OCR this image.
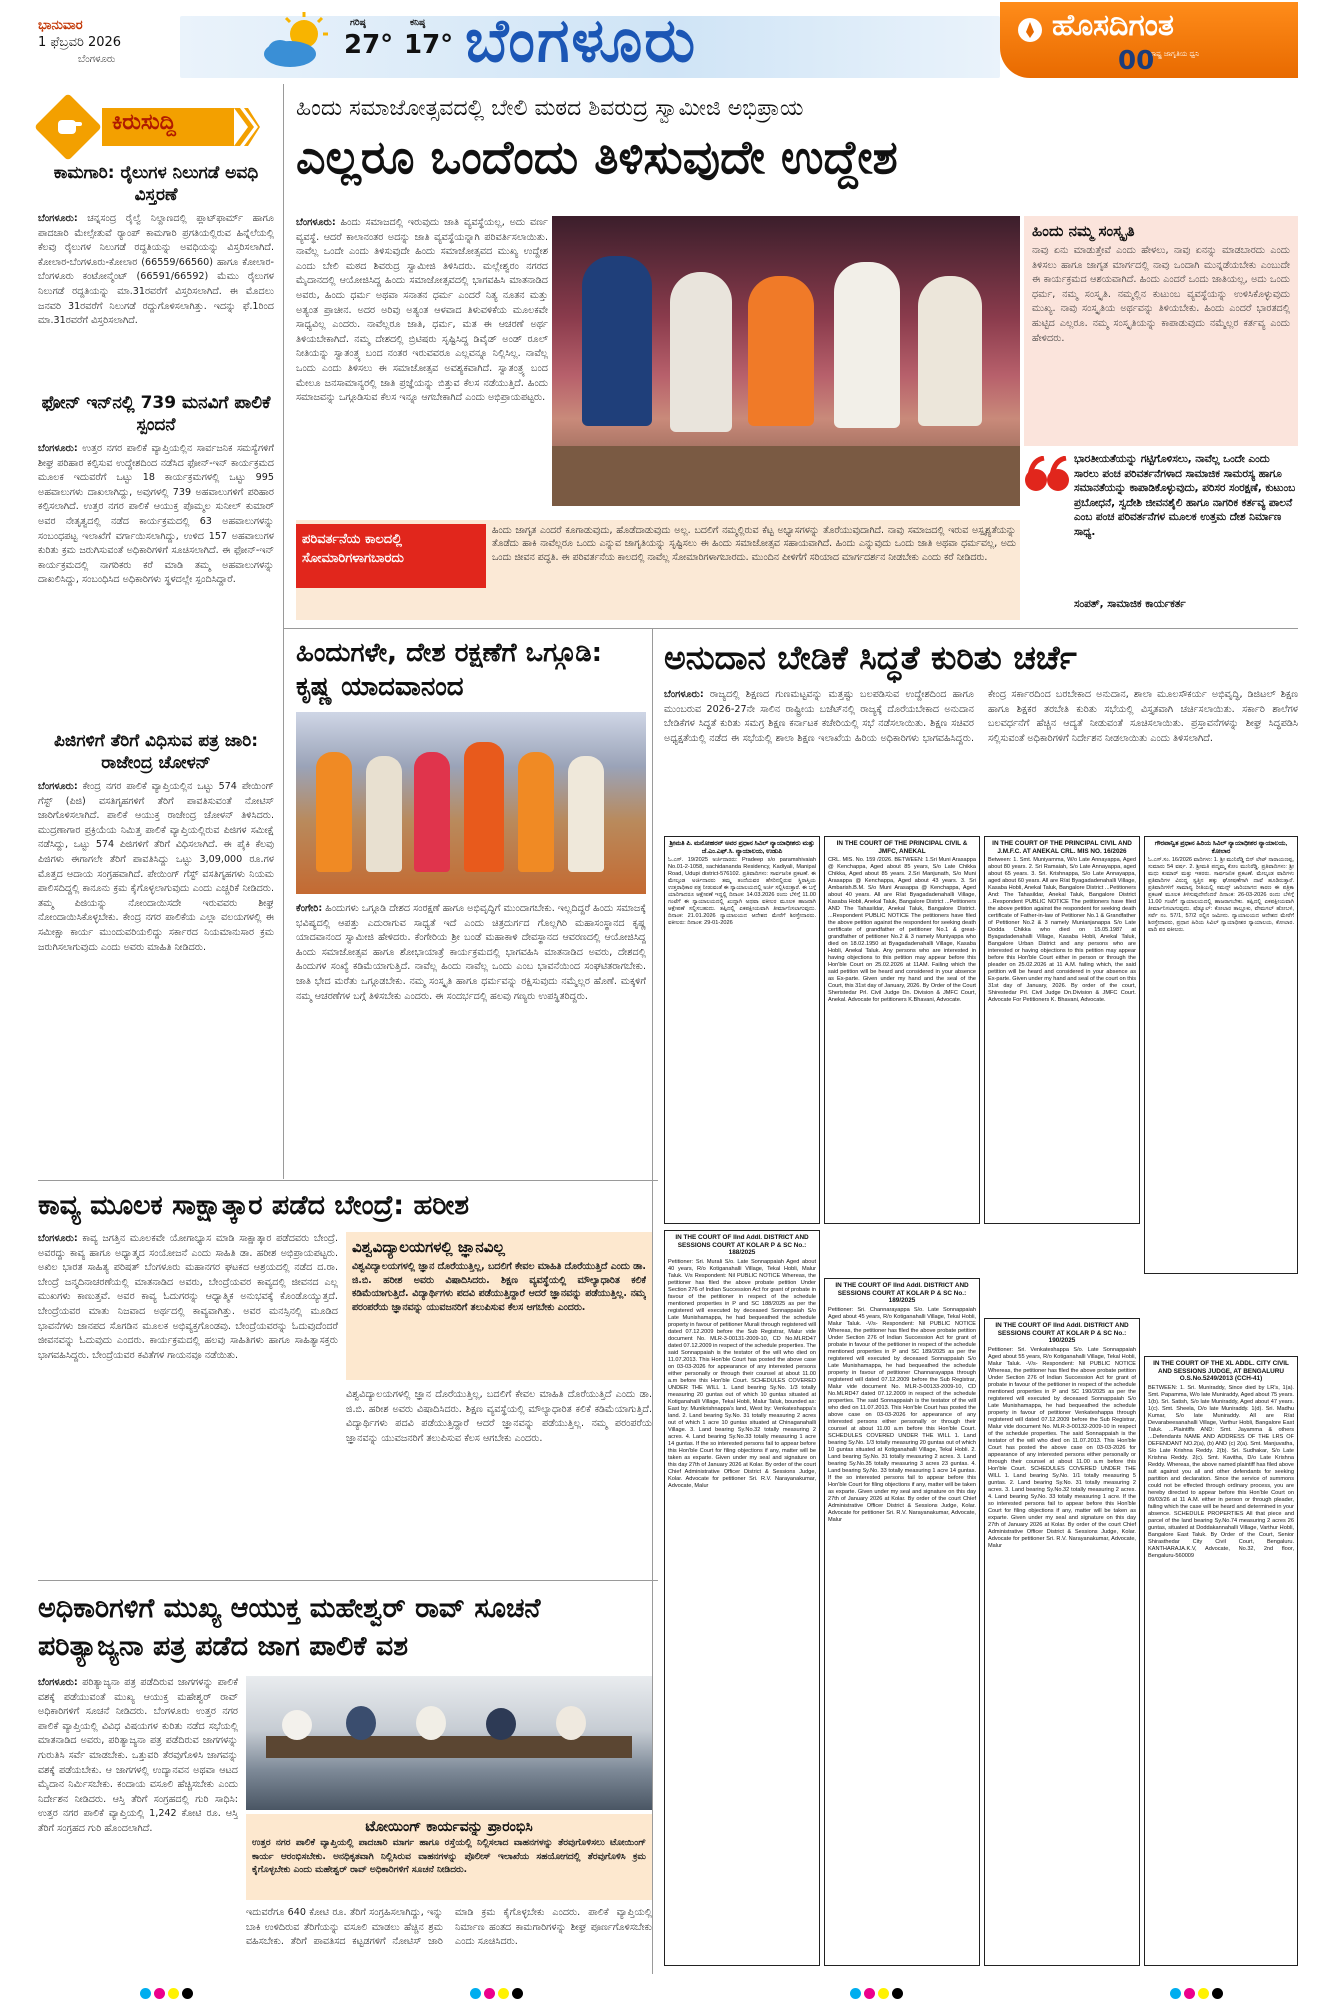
ಭಾನುವಾರ
1 ಫೆಬ್ರವರಿ 2026
ಬೆಂಗಳೂರು
ಗರಿಷ್ಠ
27°
ಕನಿಷ್ಠ
17° ಬೆಂಗಳೂರು	ಹೊಸದಿಗಂತ
ರಾಷ್ಟ್ರ ಜಾಗೃತಿಯ ಧ್ವನಿ
00
ಕಿರುಸುದ್ದಿ
ಕಾಮಗಾರಿ: ರೈಲುಗಳ ನಿಲುಗಡೆ ಅವಧಿ ವಿಸ್ತರಣೆ
ಬೆಂಗಳೂರು: ಚನ್ನಸಂದ್ರ ರೈಲ್ವೆ ನಿಲ್ದಾಣದಲ್ಲಿ ಪ್ಲಾಟ್‌ಫಾರ್ಮ್ ಹಾಗೂ ಪಾದಚಾರಿ ಮೇಲ್ಸೇತುವೆ ರ‍್ಯಾಂಪ್ ಕಾಮಗಾರಿ ಪ್ರಗತಿಯಲ್ಲಿರುವ ಹಿನ್ನೆಲೆಯಲ್ಲಿ ಕೆಲವು ರೈಲುಗಳ ನಿಲುಗಡೆ ರದ್ದತಿಯನ್ನು ಅವಧಿಯನ್ನು ವಿಸ್ತರಿಸಲಾಗಿದೆ. ಕೋಲಾರ-ಬೆಂಗಳೂರು-ಕೋಲಾರ (66559/66560) ಹಾಗೂ ಕೋಲಾರ-ಬೆಂಗಳೂರು ಕಂಟೋನ್ಮೆಂಟ್ (66591/66592) ಮೆಮು ರೈಲುಗಳ ನಿಲುಗಡೆ ರದ್ದತಿಯನ್ನು ಮಾ.31ರವರೆಗೆ ವಿಸ್ತರಿಸಲಾಗಿದೆ. ಈ ಮೊದಲು ಜನವರಿ 31ರವರೆಗೆ ನಿಲುಗಡೆ ರದ್ದುಗೊಳಿಸಲಾಗಿತ್ತು. ಇದನ್ನು ಫೆ.1ರಿಂದ ಮಾ.31ರವರೆಗೆ ವಿಸ್ತರಿಸಲಾಗಿದೆ.
ಫೋನ್ ಇನ್‌ನಲ್ಲಿ 739 ಮನವಿಗೆ ಪಾಲಿಕೆ ಸ್ಪಂದನೆ
ಬೆಂಗಳೂರು: ಉತ್ತರ ನಗರ ಪಾಲಿಕೆ ವ್ಯಾಪ್ತಿಯಲ್ಲಿನ ಸಾರ್ವಜನಿಕ ಸಮಸ್ಯೆಗಳಿಗೆ ಶೀಘ್ರ ಪರಿಹಾರ ಕಲ್ಪಿಸುವ ಉದ್ದೇಶದಿಂದ ನಡೆಸಿದ ಫೋನ್-ಇನ್ ಕಾರ್ಯಕ್ರಮದ ಮೂಲಕ ಇದುವರೆಗೆ ಒಟ್ಟು 18 ಕಾರ್ಯಕ್ರಮಗಳಲ್ಲಿ ಒಟ್ಟು 995 ಅಹವಾಲುಗಳು ದಾಖಲಾಗಿದ್ದು, ಅವುಗಳಲ್ಲಿ 739 ಅಹವಾಲುಗಳಿಗೆ ಪರಿಹಾರ ಕಲ್ಪಿಸಲಾಗಿದೆ. ಉತ್ತರ ನಗರ ಪಾಲಿಕೆ ಆಯುಕ್ತ ಪೊಮ್ಮಲ ಸುನೀಲ್ ಕುಮಾರ್ ಅವರ ನೇತೃತ್ವದಲ್ಲಿ ನಡೆದ ಕಾರ್ಯಕ್ರಮದಲ್ಲಿ 63 ಅಹವಾಲುಗಳನ್ನು ಸಂಬಂಧಪಟ್ಟ ಇಲಾಖೆಗೆ ವರ್ಗಾಯಿಸಲಾಗಿದ್ದು, ಉಳಿದ 157 ಅಹವಾಲುಗಳ ಕುರಿತು ಕ್ರಮ ಜರುಗಿಸುವಂತೆ ಅಧಿಕಾರಿಗಳಿಗೆ ಸೂಚಿಸಲಾಗಿದೆ. ಈ ಫೋನ್-ಇನ್ ಕಾರ್ಯಕ್ರಮದಲ್ಲಿ ನಾಗರಿಕರು ಕರೆ ಮಾಡಿ ತಮ್ಮ ಅಹವಾಲುಗಳನ್ನು ದಾಖಲಿಸಿದ್ದು, ಸಂಬಂಧಿಸಿದ ಅಧಿಕಾರಿಗಳು ಸ್ಥಳದಲ್ಲೇ ಸ್ಪಂದಿಸಿದ್ದಾರೆ.
ಪಿಜಿಗಳಿಗೆ ತೆರಿಗೆ ವಿಧಿಸುವ ಪತ್ರ ಜಾರಿ: ರಾಜೇಂದ್ರ ಚೋಳನ್
ಬೆಂಗಳೂರು: ಕೇಂದ್ರ ನಗರ ಪಾಲಿಕೆ ವ್ಯಾಪ್ತಿಯಲ್ಲಿನ ಒಟ್ಟು 574 ಪೇಯಿಂಗ್ ಗೆಸ್ಟ್ (ಪಿಜಿ) ವಸತಿಗೃಹಗಳಿಗೆ ತೆರಿಗೆ ಪಾವತಿಸುವಂತೆ ನೋಟಿಸ್ ಜಾರಿಗೊಳಿಸಲಾಗಿದೆ. ಪಾಲಿಕೆ ಆಯುಕ್ತ ರಾಜೇಂದ್ರ ಚೋಳನ್ ತಿಳಿಸಿದರು. ಮುದ್ರಣಾಗಾರ ಪ್ರಕ್ರಿಯೆಯ ನಿಮಿತ್ತ ಪಾಲಿಕೆ ವ್ಯಾಪ್ತಿಯಲ್ಲಿರುವ ಪಿಜಿಗಳ ಸಮೀಕ್ಷೆ ನಡೆಸಿದ್ದು, ಒಟ್ಟು 574 ಪಿಜಿಗಳಿಗೆ ತೆರಿಗೆ ವಿಧಿಸಲಾಗಿದೆ. ಈ ಪೈಕಿ ಕೆಲವು ಪಿಜಿಗಳು ಈಗಾಗಲೇ ತೆರಿಗೆ ಪಾವತಿಸಿದ್ದು ಒಟ್ಟು 3,09,000 ರೂ.ಗಳ ಮೊತ್ತದ ಆದಾಯ ಸಂಗ್ರಹವಾಗಿದೆ. ಪೇಯಿಂಗ್ ಗೆಸ್ಟ್ ವಸತಿಗೃಹಗಳು ನಿಯಮ ಪಾಲಿಸದಿದ್ದಲ್ಲಿ ಕಾನೂನು ಕ್ರಮ ಕೈಗೊಳ್ಳಲಾಗುವುದು ಎಂದು ಎಚ್ಚರಿಕೆ ನೀಡಿದರು. ತಮ್ಮ ಪಿಜಿಯನ್ನು ನೋಂದಾಯಿಸದೇ ಇರುವವರು ಶೀಘ್ರ ನೋಂದಾಯಿಸಿಕೊಳ್ಳಬೇಕು. ಕೇಂದ್ರ ನಗರ ಪಾಲಿಕೆಯ ಎಲ್ಲಾ ವಲಯಗಳಲ್ಲಿ ಈ ಸಮೀಕ್ಷಾ ಕಾರ್ಯ ಮುಂದುವರಿಯಲಿದ್ದು ಸರ್ಕಾರದ ನಿಯಮಾನುಸಾರ ಕ್ರಮ ಜರುಗಿಸಲಾಗುವುದು ಎಂದು ಅವರು ಮಾಹಿತಿ ನೀಡಿದರು.
ಹಿಂದು ಸಮಾಜೋತ್ಸವದಲ್ಲಿ ಬೇಲಿ ಮಠದ ಶಿವರುದ್ರ ಸ್ವಾಮೀಜಿ ಅಭಿಪ್ರಾಯ
ಎಲ್ಲರೂ ಒಂದೆಂದು ತಿಳಿಸುವುದೇ ಉದ್ದೇಶ
ಬೆಂಗಳೂರು: ಹಿಂದು ಸಮಾಜದಲ್ಲಿ ಇರುವುದು ಜಾತಿ ವ್ಯವಸ್ಥೆಯಲ್ಲ, ಅದು ವರ್ಣ ವ್ಯವಸ್ಥೆ. ಆದರೆ ಕಾಲಾನಂತರ ಅದನ್ನು ಜಾತಿ ವ್ಯವಸ್ಥೆಯನ್ನಾಗಿ ಪರಿವರ್ತಿಸಲಾಯಿತು. ನಾವೆಲ್ಲ ಒಂದೇ ಎಂದು ತಿಳಿಸುವುದೇ ಹಿಂದು ಸಮಾಜೋತ್ಸವದ ಮುಖ್ಯ ಉದ್ದೇಶ ಎಂದು ಬೇಲಿ ಮಠದ ಶಿವರುದ್ರ ಸ್ವಾಮೀಜಿ ತಿಳಿಸಿದರು. ಮಲ್ಲೇಶ್ವರಂ ನಗರದ ಮೈದಾನದಲ್ಲಿ ಆಯೋಜಿಸಿದ್ದ ಹಿಂದು ಸಮಾಜೋತ್ಸವದಲ್ಲಿ ಭಾಗವಹಿಸಿ ಮಾತನಾಡಿದ ಅವರು, ಹಿಂದು ಧರ್ಮ ಅಥವಾ ಸನಾತನ ಧರ್ಮ ಎಂದರೆ ನಿತ್ಯ ನೂತನ ಮತ್ತು ಅತ್ಯಂತ ಪ್ರಾಚೀನ. ಅದರ ಅರಿವು ಅತ್ಯಂತ ಆಳವಾದ ತಿಳುವಳಿಕೆಯ ಮೂಲಕವೇ ಸಾಧ್ಯವಿಲ್ಲ ಎಂದರು. ನಾವೆಲ್ಲರೂ ಜಾತಿ, ಧರ್ಮ, ಮತ ಈ ಆಚರಣೆ ಅರ್ಥ ತಿಳಿಯಬೇಕಾಗಿದೆ. ನಮ್ಮ ದೇಶದಲ್ಲಿ ಬ್ರಿಟಿಷರು ಸೃಷ್ಟಿಸಿದ್ದ ಡಿವೈಡ್ ಅಂಡ್ ರೂಲ್ ನೀತಿಯನ್ನು ಸ್ವಾತಂತ್ರ್ಯ ಬಂದ ನಂತರ ಇರುವವರೂ ಎಲ್ಲವನ್ನೂ ನಿಲ್ಲಿಸಿಲ್ಲ. ನಾವೆಲ್ಲ ಒಂದು ಎಂದು ತಿಳಿಸಲು ಈ ಸಮಾಜೋತ್ಸವ ಅವಶ್ಯಕವಾಗಿದೆ. ಸ್ವಾತಂತ್ರ್ಯ ಬಂದ ಮೇಲೂ ಜನಸಾಮಾನ್ಯರಲ್ಲಿ ಜಾತಿ ಪ್ರಜ್ಞೆಯನ್ನು ಬಿತ್ತುವ ಕೆಲಸ ನಡೆಯುತ್ತಿದೆ. ಹಿಂದು ಸಮಾಜವನ್ನು ಒಗ್ಗೂಡಿಸುವ ಕೆಲಸ ಇನ್ನೂ ಆಗಬೇಕಾಗಿದೆ ಎಂದು ಅಭಿಪ್ರಾಯಪಟ್ಟರು.
ಹಿಂದು ನಮ್ಮ ಸಂಸ್ಕೃತಿ
ನಾವು ಏನು ಮಾಡುತ್ತೇವೆ ಎಂದು ಹೇಳಲು, ನಾವು ಏನನ್ನು ಮಾಡಬಾರದು ಎಂದು ತಿಳಿಸಲು ಹಾಗೂ ಜಾಗೃತ ಮಾರ್ಗದಲ್ಲಿ ನಾವು ಒಂದಾಗಿ ಮುನ್ನಡೆಯಬೇಕು ಎಂಬುದೇ ಈ ಕಾರ್ಯಕ್ರಮದ ಆಶಯವಾಗಿದೆ. ಹಿಂದು ಎಂದರೆ ಒಂದು ಜಾತಿಯಲ್ಲ, ಅದು ಒಂದು ಧರ್ಮ, ನಮ್ಮ ಸಂಸ್ಕೃತಿ. ನಮ್ಮಲ್ಲಿನ ಕುಟುಂಬ ವ್ಯವಸ್ಥೆಯನ್ನು ಉಳಿಸಿಕೊಳ್ಳುವುದು ಮುಖ್ಯ. ನಾವು ಸಂಸ್ಕೃತಿಯ ಅರ್ಥವನ್ನು ತಿಳಿಯಬೇಕು. ಹಿಂದು ಎಂದರೆ ಭಾರತದಲ್ಲಿ ಹುಟ್ಟಿದ ಎಲ್ಲರೂ. ನಮ್ಮ ಸಂಸ್ಕೃತಿಯನ್ನು ಕಾಪಾಡುವುದು ನಮ್ಮೆಲ್ಲರ ಕರ್ತವ್ಯ ಎಂದು ಹೇಳಿದರು.
ಭಾರತೀಯತೆಯನ್ನು ಗಟ್ಟಿಗೊಳಿಸಲು, ನಾವೆಲ್ಲ ಒಂದೇ ಎಂದು ಸಾರಲು ಪಂಚ ಪರಿವರ್ತನೆಗಳಾದ ಸಾಮಾಜಿಕ ಸಾಮರಸ್ಯ ಹಾಗೂ ಸಮಾನತೆಯನ್ನು ಕಾಪಾಡಿಕೊಳ್ಳುವುದು, ಪರಿಸರ ಸಂರಕ್ಷಣೆ, ಕುಟುಂಬ ಪ್ರಬೋಧನೆ, ಸ್ವದೇಶಿ ಜೀವನಶೈಲಿ ಹಾಗೂ ನಾಗರಿಕ ಕರ್ತವ್ಯ ಪಾಲನೆ ಎಂಬ ಪಂಚ ಪರಿವರ್ತನೆಗಳ ಮೂಲಕ ಉತ್ತಮ ದೇಶ ನಿರ್ಮಾಣ ಸಾಧ್ಯ.
ಸಂಪತ್, ಸಾಮಾಜಿಕ ಕಾರ್ಯಕರ್ತ
ಪರಿವರ್ತನೆಯ ಕಾಲದಲ್ಲಿ ಸೋಮಾರಿಗಳಾಗಬಾರದು
ಹಿಂದು ಜಾಗೃತ ಎಂದರೆ ಕೂಗಾಡುವುದು, ಹೊಡೆದಾಡುವುದು ಅಲ್ಲ. ಬದಲಿಗೆ ನಮ್ಮಲ್ಲಿರುವ ಕೆಟ್ಟ ಅಭ್ಯಾಸಗಳನ್ನು ತೊರೆಯುವುದಾಗಿದೆ. ನಾವು ಸಮಾಜದಲ್ಲಿ ಇರುವ ಅಸ್ಪೃಶ್ಯತೆಯನ್ನು ತೊಡೆದು ಹಾಕಿ ನಾವೆಲ್ಲರೂ ಒಂದು ಎನ್ನುವ ಜಾಗೃತಿಯನ್ನು ಸೃಷ್ಟಿಸಲು ಈ ಹಿಂದು ಸಮಾಜೋತ್ಸವ ಸಹಾಯವಾಗಿದೆ. ಹಿಂದು ಎನ್ನುವುದು ಒಂದು ಜಾತಿ ಅಥವಾ ಧರ್ಮವಲ್ಲ, ಅದು ಒಂದು ಜೀವನ ಪದ್ಧತಿ. ಈ ಪರಿವರ್ತನೆಯ ಕಾಲದಲ್ಲಿ ನಾವೆಲ್ಲ ಸೋಮಾರಿಗಳಾಗಬಾರದು. ಮುಂದಿನ ಪೀಳಿಗೆಗೆ ಸರಿಯಾದ ಮಾರ್ಗದರ್ಶನ ನೀಡಬೇಕು ಎಂದು ಕರೆ ನೀಡಿದರು.
ಹಿಂದುಗಳೇ, ದೇಶ ರಕ್ಷಣೆಗೆ ಒಗ್ಗೂಡಿ: ಕೃಷ್ಣ ಯಾದವಾನಂದ
ಕೆಂಗೇರಿ: ಹಿಂದುಗಳು ಒಗ್ಗೂಡಿ ದೇಶದ ಸಂರಕ್ಷಣೆ ಹಾಗೂ ಅಭಿವೃದ್ಧಿಗೆ ಮುಂದಾಗಬೇಕು. ಇಲ್ಲದಿದ್ದರೆ ಹಿಂದು ಸಮಾಜಕ್ಕೆ ಭವಿಷ್ಯದಲ್ಲಿ ಆಪತ್ತು ಎದುರಾಗುವ ಸಾಧ್ಯತೆ ಇದೆ ಎಂದು ಚಿತ್ರದುರ್ಗದ ಗೊಲ್ಲಗಿರಿ ಮಹಾಸಂಸ್ಥಾನದ ಕೃಷ್ಣ ಯಾದವಾನಂದ ಸ್ವಾಮೀಜಿ ಹೇಳಿದರು. ಕೆಂಗೇರಿಯ ಶ್ರೀ ಬಂಡೆ ಮಹಾಕಾಳಿ ದೇವಸ್ಥಾನದ ಆವರಣದಲ್ಲಿ ಆಯೋಜಿಸಿದ್ದ ಹಿಂದು ಸಮಾಜೋತ್ಸವ ಹಾಗೂ ಶೋಭಾಯಾತ್ರೆ ಕಾರ್ಯಕ್ರಮದಲ್ಲಿ ಭಾಗವಹಿಸಿ ಮಾತನಾಡಿದ ಅವರು, ದೇಶದಲ್ಲಿ ಹಿಂದುಗಳ ಸಂಖ್ಯೆ ಕಡಿಮೆಯಾಗುತ್ತಿದೆ. ನಾವೆಲ್ಲ ಹಿಂದು ನಾವೆಲ್ಲ ಒಂದು ಎಂಬ ಭಾವನೆಯಿಂದ ಸಂಘಟಿತರಾಗಬೇಕು. ಜಾತಿ ಭೇದ ಮರೆತು ಒಗ್ಗೂಡಬೇಕು. ನಮ್ಮ ಸಂಸ್ಕೃತಿ ಹಾಗೂ ಧರ್ಮವನ್ನು ರಕ್ಷಿಸುವುದು ನಮ್ಮೆಲ್ಲರ ಹೊಣೆ. ಮಕ್ಕಳಿಗೆ ನಮ್ಮ ಆಚರಣೆಗಳ ಬಗ್ಗೆ ತಿಳಿಸಬೇಕು ಎಂದರು. ಈ ಸಂದರ್ಭದಲ್ಲಿ ಹಲವು ಗಣ್ಯರು ಉಪಸ್ಥಿತರಿದ್ದರು.
ಅನುದಾನ ಬೇಡಿಕೆ ಸಿದ್ಧತೆ ಕುರಿತು ಚರ್ಚೆ
ಬೆಂಗಳೂರು: ರಾಜ್ಯದಲ್ಲಿ ಶಿಕ್ಷಣದ ಗುಣಮಟ್ಟವನ್ನು ಮತ್ತಷ್ಟು ಬಲಪಡಿಸುವ ಉದ್ದೇಶದಿಂದ ಹಾಗೂ ಮುಂಬರುವ 2026-27ನೇ ಸಾಲಿನ ರಾಷ್ಟ್ರೀಯ ಬಜೆಟ್‌ನಲ್ಲಿ ರಾಜ್ಯಕ್ಕೆ ದೊರೆಯಬೇಕಾದ ಅನುದಾನ ಬೇಡಿಕೆಗಳ ಸಿದ್ಧತೆ ಕುರಿತು ಸಮಗ್ರ ಶಿಕ್ಷಣ ಕರ್ನಾಟಕ ಕಚೇರಿಯಲ್ಲಿ ಸಭೆ ನಡೆಸಲಾಯಿತು. ಶಿಕ್ಷಣ ಸಚಿವರ ಅಧ್ಯಕ್ಷತೆಯಲ್ಲಿ ನಡೆದ ಈ ಸಭೆಯಲ್ಲಿ ಶಾಲಾ ಶಿಕ್ಷಣ ಇಲಾಖೆಯ ಹಿರಿಯ ಅಧಿಕಾರಿಗಳು ಭಾಗವಹಿಸಿದ್ದರು. ಕೇಂದ್ರ ಸರ್ಕಾರದಿಂದ ಬರಬೇಕಾದ ಅನುದಾನ, ಶಾಲಾ ಮೂಲಸೌಕರ್ಯ ಅಭಿವೃದ್ಧಿ, ಡಿಜಿಟಲ್ ಶಿಕ್ಷಣ ಹಾಗೂ ಶಿಕ್ಷಕರ ತರಬೇತಿ ಕುರಿತು ಸಭೆಯಲ್ಲಿ ವಿಸ್ತೃತವಾಗಿ ಚರ್ಚಿಸಲಾಯಿತು. ಸರ್ಕಾರಿ ಶಾಲೆಗಳ ಬಲವರ್ಧನೆಗೆ ಹೆಚ್ಚಿನ ಆದ್ಯತೆ ನೀಡುವಂತೆ ಸೂಚಿಸಲಾಯಿತು. ಪ್ರಸ್ತಾವನೆಗಳನ್ನು ಶೀಘ್ರ ಸಿದ್ಧಪಡಿಸಿ ಸಲ್ಲಿಸುವಂತೆ ಅಧಿಕಾರಿಗಳಿಗೆ ನಿರ್ದೇಶನ ನೀಡಲಾಯಿತು ಎಂದು ತಿಳಿಸಲಾಗಿದೆ.
ಶ್ರೀಮತಿ ಪಿ. ಮನೋಹರನ್ ಅವರ ಪ್ರಧಾನ ಸಿವಿಲ್ ನ್ಯಾಯಾಧೀಶರು ಮತ್ತು ಜೆ.ಎಂ.ಎಫ್.ಸಿ. ನ್ಯಾಯಾಲಯ, ಉಡುಪಿ
ಓ.ಎಸ್. 19/2025 ಅರ್ಜಿದಾರರು: Pradeep s/o paramshivaiah No.01-2-1058, sachidananda Residency, Kadiyali, Manipal Road, Udupi district-576102. ಪ್ರತಿವಾದಿಗಳು: ಸಾರ್ವಜನಿಕ ಪ್ರಕಟಣೆ. ಈ ಮೇಲ್ಕಂಡ ಅರ್ಜಿದಾರರು ತಮ್ಮ ತಂದೆಯವರ ಹೆಸರಿನಲ್ಲಿರುವ ಸ್ಥಿರಾಸ್ತಿಯ ಉತ್ತರಾಧಿಕಾರ ಪತ್ರ ನೀಡುವಂತೆ ಈ ನ್ಯಾಯಾಲಯದಲ್ಲಿ ಅರ್ಜಿ ಸಲ್ಲಿಸಿರುತ್ತಾರೆ. ಈ ಬಗ್ಗೆ ಯಾರಿಗಾದರೂ ಆಕ್ಷೇಪಣೆ ಇದ್ದಲ್ಲಿ ದಿನಾಂಕ: 14.03.2026 ರಂದು ಬೆಳಿಗ್ಗೆ 11.00 ಗಂಟೆಗೆ ಈ ನ್ಯಾಯಾಲಯದಲ್ಲಿ ಖುದ್ದಾಗಿ ಅಥವಾ ವಕೀಲರ ಮೂಲಕ ಹಾಜರಾಗಿ ಆಕ್ಷೇಪಣೆ ಸಲ್ಲಿಸಬಹುದು. ತಪ್ಪಿದಲ್ಲಿ ಏಕಪಕ್ಷೀಯವಾಗಿ ತೀರ್ಮಾನಿಸಲಾಗುವುದು. ದಿನಾಂಕ: 21.01.2026 ನ್ಯಾಯಾಲಯದ ಆದೇಶದ ಮೇರೆಗೆ ಶಿರಸ್ತೇದಾರರು. ವಕೀಲರು: ದಿನಾಂಕ: 29-01-2026
IN THE COURT OF THE PRINCIPAL CIVIL & JMFC, ANEKAL
CRL. MIS. No. 159 /2026. BETWEEN: 1.Sri Muni Arasappa @ Kenchappa, Aged about 85 years, S/o Late Chikka Chikka, Aged about 85 years. 2.Sri Manjunath, S/o Muni Arasappa @ Kenchappa, Aged about 43 years. 3. Sri Ambarish.B.M. S/o Muni Arasappa @ Kenchappa, Aged about 40 years. All are R/at Byagadadenahalli Village, Kasaba Hobli, Anekal Taluk, Bangalore District ...Petitioners AND The Tahasildar, Anekal Taluk, Bangalore District. ...Respondent PUBLIC NOTICE The petitioners have filed the above petition against the respondent for seeking death certificate of grandfather of petitioner No.1 & great-grandfather of petitioner No.2 & 3 namely Muniyappa who died on 18.02.1950 at Byagadadenahalli Village, Kasaba Hobli, Anekal Taluk. Any persons who are interested in having objections to this petition may appear before this Hon'ble Court on 25.02.2026 at 11AM. Failing which the said petition will be heard and considered in your absence as Ex-parte. Given under my hand and the seal of the Court, this 31st day of January, 2026. By Order of the Court Sheristedar Prl. Civil Judge Dn. Division & JMFC Court, Anekal. Advocate for petitioners K.Bhavani, Advocate.
IN THE COURT OF THE PRINCIPAL CIVIL AND J.M.F.C. AT ANEKAL CRL. MIS NO. 16/2026
Between: 1. Smt. Muniyamma, W/o Late Annayappa, Aged about 80 years. 2. Sri Ramaiah, S/o Late Annayappa, aged about 65 years. 3. Sri. Krishnappa, S/o Late Annayappa, aged about 60 years. All are R/at Byagadadenahalli Village, Kasaba Hobli, Anekal Taluk, Bangalore District ...Petitioners And: The Tahasildar, Anekal Taluk, Bangalore District ...Respondent PUBLIC NOTICE The petitioners have filed the above petition against the respondent for seeking death certificate of Father-in-law of Petitioner No.1 & Grandfather of Petitioner No.2 & 3 namely Munianjanappa S/o Late Dodda Chikka who died on 15.05.1987 at Byagadadenahalli Village, Kasaba Hobli, Anekal Taluk, Bangalore Urban District and any persons who are interested or having objections to this petition may appear before this Hon'ble Court either in person or through the pleader on 25.02.2026 at 11 A.M. failing which, the said petition will be heard and considered in your absence as Ex-parte. Given under my hand and seal of the court on this 31st day of January, 2026. By order of the court, Shirestedar Prl. Civil Judge Dn.Division & JMFC Court. Advocate For Petitioners K. Bhavani, Advocate.
ಗೌರವಾನ್ವಿತ ಪ್ರಧಾನ ಹಿರಿಯ ಸಿವಿಲ್ ನ್ಯಾಯಾಧೀಶರ ನ್ಯಾಯಾಲಯ, ಕೋಲಾರ
ಓ.ಎಸ್.ಸಂ. 16/2026 ವಾದಿಗಳು: 1. ಶ್ರೀ ಮುನಿರೆಡ್ಡಿ ಬಿನ್ ಲೇಟ್ ನಾರಾಯಣಪ್ಪ, ಸುಮಾರು 54 ವರ್ಷ. 2. ಶ್ರೀಮತಿ ಪದ್ಮಮ್ಮ ಕೋಂ ಮುನಿರೆಡ್ಡಿ. ಪ್ರತಿವಾದಿಗಳು: ಶ್ರೀ ಮಧು ಕುಮಾರ್ ಮತ್ತು ಇತರರು. ಸಾರ್ವಜನಿಕ ಪ್ರಕಟಣೆ. ಮೇಲ್ಕಂಡ ವಾದಿಗಳು ಪ್ರತಿವಾದಿಗಳ ವಿರುದ್ಧ ಸ್ವತ್ತಿನ ಹಕ್ಕು ಘೋಷಣೆಗಾಗಿ ದಾವೆ ಹೂಡಿರುತ್ತಾರೆ. ಪ್ರತಿವಾದಿಗಳಿಗೆ ಸಾಮಾನ್ಯ ರೀತಿಯಲ್ಲಿ ಸಮನ್ಸ್ ಜಾರಿಯಾಗದ ಕಾರಣ ಈ ಪತ್ರಿಕಾ ಪ್ರಕಟಣೆ ಮೂಲಕ ತಿಳಿಸುವುದೇನೆಂದರೆ ದಿನಾಂಕ: 26-03-2026 ರಂದು ಬೆಳಿಗ್ಗೆ 11.00 ಗಂಟೆಗೆ ನ್ಯಾಯಾಲಯದಲ್ಲಿ ಹಾಜರಾಗಬೇಕು. ತಪ್ಪಿದಲ್ಲಿ ಏಕಪಕ್ಷೀಯವಾಗಿ ತೀರ್ಮಾನಿಸಲಾಗುವುದು. ಷೆಡ್ಯೂಲ್: ಕೋಲಾರ ತಾಲ್ಲೂಕು, ವೇಮಗಲ್ ಹೋಬಳಿ, ಸರ್ವೆ ನಂ. 57/1, 57/2 ರಲ್ಲಿನ ಜಮೀನು. ನ್ಯಾಯಾಲಯದ ಆದೇಶದ ಮೇರೆಗೆ ಶಿರಸ್ತೇದಾರರು, ಪ್ರಧಾನ ಹಿರಿಯ ಸಿವಿಲ್ ನ್ಯಾಯಾಧೀಶರ ನ್ಯಾಯಾಲಯ, ಕೋಲಾರ. ವಾದಿ ಪರ ವಕೀಲರು.
IN THE COURT OF IInd Addl. DISTRICT AND SESSIONS COURT AT KOLAR P & SC No.: 188/2025
Petitioner: Sri. Murali S/o. Late Sonnappaiah Aged about 40 years, R/o Kotiganahalli Village, Tekal Hobli, Malur Taluk. V/s Respondent: Nil PUBLIC NOTICE Whereas, the petitioner has filed the above probate petition Under Section 276 of Indian Succession Act for grant of probate in favour of the petitioner in respect of the schedule mentioned properties in P and SC 188/2025 as per the registered will executed by deceased Sonnappaiah S/o Late Munishamappa, he had bequeathed the schedule property in favour of petitioner Murali through registered will dated 07.12.2009 before the Sub Registrar, Malur vide document No. MLR-3-00131-2009-10, CD No.MLRD47 dated 07.12.2009 in respect of the schedule properties. The said Sonnappaiah is the testator of the will who died on 11.07.2013. This Hon'ble Court has posted the above case on 03-03-2026 for appearance of any interested persons either personally or through their counsel at about 11.00 a.m before this Hon'ble Court. SCHEDULES COVERED UNDER THE WILL 1. Land bearing Sy.No. 1/3 totally measuring 20 guntas out of which 10 guntas situated at Kotiganahalli Village, Tekal Hobli, Malur Taluk, bounded as: East by: Munikrishnappa's land, West by: Venkateshappa's land. 2. Land bearing Sy.No. 31 totally measuring 2 acres out of which 1 acre 10 guntas situated at Chinaganahalli Village. 3. Land bearing Sy.No.32 totally measuring 2 acres. 4. Land bearing Sy.No.33 totally measuring 1 acre 14 guntas. If the so interested persons fail to appear before this Hon'ble Court for filing objections if any, matter will be taken as exparte. Given under my seal and signature on this day 27th of January 2026 at Kolar. By order of the court Chief Administrative Officer District & Sessions Judge, Kolar. Advocate for petitioner Sri. R.V. Narayanakumar, Advocate, Malur
IN THE COURT OF IInd Addl. DISTRICT AND SESSIONS COURT AT KOLAR P & SC No.: 189/2025
Petitioner: Sri. Channarayappa S/o. Late Sonnappaiah Aged about 45 years, R/o Kotiganahalli Village, Tekal Hobli, Malur Taluk. -V/s- Respondent: Nil PUBLIC NOTICE Whereas, the petitioner has filed the above probate petition Under Section 276 of Indian Succession Act for grant of probate in favour of the petitioner in respect of the schedule mentioned properties in P and SC 189/2025 as per the registered will executed by deceased Sonnappaiah S/o Late Munishamappa, he had bequeathed the schedule property in favour of petitioner Channarayappa through registered will dated 07.12.2009 before the Sub Registrar, Malur vide document No. MLR-3-00133-2009-10, CD No.MLRD47 dated 07.12.2009 in respect of the schedule properties. The said Sonnappaiah is the testator of the will who died on 11.07.2013. This Hon'ble Court has posted the above case on 03-03-2026 for appearance of any interested persons either personally or through their counsel at about 11.00 a.m before this Hon'ble Court. SCHEDULES COVERED UNDER THE WILL 1. Land bearing Sy.No. 1/3 totally measuring 20 guntas out of which 10 guntas situated at Kotiganahalli Village, Tekal Hobli. 2. Land bearing Sy.No. 31 totally measuring 2 acres. 3. Land bearing Sy.No.35 totally measuring 3 acres 23 guntas. 4. Land bearing Sy.No. 33 totally measuring 1 acre 14 guntas. If the so interested persons fail to appear before this Hon'ble Court for filing objections if any, matter will be taken as exparte. Given under my seal and signature on this day 27th of January 2026 at Kolar. By order of the court Chief Administrative Officer District & Sessions Judge, Kolar. Advocate for petitioner Sri. R.V. Narayanakumar, Advocate, Malur
IN THE COURT OF IInd Addl. DISTRICT AND SESSIONS COURT AT KOLAR P & SC No.: 190/2025
Petitioner: Sri. Venkateshappa S/o. Late Sonnappaiah Aged about 55 years, R/o Kotiganahalli Village, Tekal Hobli, Malur Taluk. -V/s- Respondent: Nil PUBLIC NOTICE Whereas, the petitioner has filed the above probate petition Under Section 276 of Indian Succession Act for grant of probate in favour of the petitioner in respect of the schedule mentioned properties in P and SC 190/2025 as per the registered will executed by deceased Sonnappaiah S/o Late Munishamappa, he had bequeathed the schedule property in favour of petitioner Venkateshappa through registered will dated 07.12.2009 before the Sub Registrar, Malur vide document No. MLR-3-00132-2009-10 in respect of the schedule properties. The said Sonnappaiah is the testator of the will who died on 11.07.2013. This Hon'ble Court has posted the above case on 03-03-2026 for appearance of any interested persons either personally or through their counsel at about 11.00 a.m before this Hon'ble Court. SCHEDULES COVERED UNDER THE WILL 1. Land bearing Sy.No. 1/1 totally measuring 5 guntas. 2. Land bearing Sy.No. 31 totally measuring 2 acres. 3. Land bearing Sy.No.32 totally measuring 2 acres. 4. Land bearing Sy.No. 33 totally measuring 1 acre. If the so interested persons fail to appear before this Hon'ble Court for filing objections if any, matter will be taken as exparte. Given under my seal and signature on this day 27th of January 2026 at Kolar. By order of the court Chief Administrative Officer District & Sessions Judge, Kolar. Advocate for petitioner Sri. R.V. Narayanakumar, Advocate, Malur
IN THE COURT OF THE XL ADDL. CITY CIVIL AND SESSIONS JUDGE, AT BENGALURU O.S.No.5249/2013 (CCH-41)
BETWEEN: 1. Sri. Muniraddy, Since died by LR's, 1(a). Smt. Papamma, W/o late Muniraddy, Aged about 75 years. 1(b). Sri. Satish, S/o late Muniraddy, Aged about 47 years. 1(c). Smt. Sheela, D/o late Muniraddy. 1(d). Sri. Madhu Kumar, S/o late Muniraddy. All are R/at Devarabeesanahalli Village, Varthur Hobli, Bangalore East Taluk. ...Plaintiffs AND: Smt. Jayamma & others ...Defendants NAME AND ADDRESS OF THE LRS OF DEFENDANT NO.2(a), (b) AND (c) 2(a). Smt. Manjuvatha, S/o Late Krishna Reddy. 2(b). Sri. Sudhakar, S/o Late Krishna Reddy. 2(c). Smt. Kavitha, D/o Late Krishna Reddy. Whereas, the above named plaintiff has filed above suit against you all and other defendants for seeking partition and declaration. Since the service of summons could not be effected through ordinary process, you are hereby directed to appear before this Hon'ble Court on 09/03/26 at 11 A.M. either in person or through pleader, failing which the case will be heard and determined in your absence. SCHEDULE PROPERTIES All that piece and parcel of the land bearing Sy.No.74 measuring 2 acres 26 guntas, situated at Doddakannahalli Village, Varthur Hobli, Bangalore East Taluk. By Order of the Court, Senior Shirasthedar City Civil Court, Bengaluru. KANTHARAJA.K.V, Advocate, No.32, 2nd floor, Bengaluru-560009
ಕಾವ್ಯ ಮೂಲಕ ಸಾಕ್ಷಾತ್ಕಾರ ಪಡೆದ ಬೇಂದ್ರೆ: ಹರೀಶ
ಬೆಂಗಳೂರು: ಕಾವ್ಯ ಜಗತ್ತಿನ ಮೂಲಕವೇ ಯೋಗಾಭ್ಯಾಸ ಮಾಡಿ ಸಾಕ್ಷಾತ್ಕಾರ ಪಡೆದವರು ಬೇಂದ್ರೆ. ಅವರದ್ದು ಕಾವ್ಯ ಹಾಗೂ ಅಧ್ಯಾತ್ಮದ ಸಂಯೋಜನೆ ಎಂದು ಸಾಹಿತಿ ಡಾ. ಹರೀಶ ಅಭಿಪ್ರಾಯಪಟ್ಟರು. ಅಖಿಲ ಭಾರತ ಸಾಹಿತ್ಯ ಪರಿಷತ್ ಬೆಂಗಳೂರು ಮಹಾನಗರ ಘಟಕದ ಆಶ್ರಯದಲ್ಲಿ ನಡೆದ ದ.ರಾ. ಬೇಂದ್ರೆ ಜನ್ಮದಿನಾಚರಣೆಯಲ್ಲಿ ಮಾತನಾಡಿದ ಅವರು, ಬೇಂದ್ರೆಯವರ ಕಾವ್ಯದಲ್ಲಿ ಜೀವನದ ಎಲ್ಲ ಮುಖಗಳು ಕಾಣುತ್ತವೆ. ಅವರ ಕಾವ್ಯ ಓದುಗರನ್ನು ಆಧ್ಯಾತ್ಮಿಕ ಅನುಭವಕ್ಕೆ ಕೊಂಡೊಯ್ಯುತ್ತದೆ. ಬೇಂದ್ರೆಯವರ ಮಾತು ನಿಜವಾದ ಅರ್ಥದಲ್ಲಿ ಕಾವ್ಯವಾಗಿತ್ತು. ಅವರ ಮನಸ್ಸಿನಲ್ಲಿ ಮೂಡಿದ ಭಾವನೆಗಳು ಜಾನಪದ ಸೊಗಡಿನ ಮೂಲಕ ಅಭಿವ್ಯಕ್ತಗೊಂಡವು. ಬೇಂದ್ರೆಯವರನ್ನು ಓದುವುದೆಂದರೆ ಜೀವನವನ್ನು ಓದುವುದು ಎಂದರು. ಕಾರ್ಯಕ್ರಮದಲ್ಲಿ ಹಲವು ಸಾಹಿತಿಗಳು ಹಾಗೂ ಸಾಹಿತ್ಯಾಸಕ್ತರು ಭಾಗವಹಿಸಿದ್ದರು. ಬೇಂದ್ರೆಯವರ ಕವಿತೆಗಳ ಗಾಯನವೂ ನಡೆಯಿತು.
ವಿಶ್ವವಿದ್ಯಾಲಯಗಳಲ್ಲಿ ಜ್ಞಾನವಿಲ್ಲ
ವಿಶ್ವವಿದ್ಯಾಲಯಗಳಲ್ಲಿ ಜ್ಞಾನ ದೊರೆಯುತ್ತಿಲ್ಲ, ಬದಲಿಗೆ ಕೇವಲ ಮಾಹಿತಿ ದೊರೆಯುತ್ತಿದೆ ಎಂದು ಡಾ. ಜಿ.ಬಿ. ಹರೀಶ ಅವರು ವಿಷಾದಿಸಿದರು. ಶಿಕ್ಷಣ ವ್ಯವಸ್ಥೆಯಲ್ಲಿ ಮೌಲ್ಯಾಧಾರಿತ ಕಲಿಕೆ ಕಡಿಮೆಯಾಗುತ್ತಿದೆ. ವಿದ್ಯಾರ್ಥಿಗಳು ಪದವಿ ಪಡೆಯುತ್ತಿದ್ದಾರೆ ಆದರೆ ಜ್ಞಾನವನ್ನು ಪಡೆಯುತ್ತಿಲ್ಲ. ನಮ್ಮ ಪರಂಪರೆಯ ಜ್ಞಾನವನ್ನು ಯುವಜನರಿಗೆ ತಲುಪಿಸುವ ಕೆಲಸ ಆಗಬೇಕು ಎಂದರು.
ವಿಶ್ವವಿದ್ಯಾಲಯಗಳಲ್ಲಿ ಜ್ಞಾನ ದೊರೆಯುತ್ತಿಲ್ಲ, ಬದಲಿಗೆ ಕೇವಲ ಮಾಹಿತಿ ದೊರೆಯುತ್ತಿದೆ ಎಂದು ಡಾ. ಜಿ.ಬಿ. ಹರೀಶ ಅವರು ವಿಷಾದಿಸಿದರು. ಶಿಕ್ಷಣ ವ್ಯವಸ್ಥೆಯಲ್ಲಿ ಮೌಲ್ಯಾಧಾರಿತ ಕಲಿಕೆ ಕಡಿಮೆಯಾಗುತ್ತಿದೆ. ವಿದ್ಯಾರ್ಥಿಗಳು ಪದವಿ ಪಡೆಯುತ್ತಿದ್ದಾರೆ ಆದರೆ ಜ್ಞಾನವನ್ನು ಪಡೆಯುತ್ತಿಲ್ಲ. ನಮ್ಮ ಪರಂಪರೆಯ ಜ್ಞಾನವನ್ನು ಯುವಜನರಿಗೆ ತಲುಪಿಸುವ ಕೆಲಸ ಆಗಬೇಕು ಎಂದರು.
ಅಧಿಕಾರಿಗಳಿಗೆ ಮುಖ್ಯ ಆಯುಕ್ತ ಮಹೇಶ್ವರ್ ರಾವ್ ಸೂಚನೆ ಪರಿತ್ಯಾಜ್ಯನಾ ಪತ್ರ ಪಡೆದ ಜಾಗ ಪಾಲಿಕೆ ವಶ
ಬೆಂಗಳೂರು: ಪರಿತ್ಯಾಜ್ಯನಾ ಪತ್ರ ಪಡೆದಿರುವ ಜಾಗಗಳನ್ನು ಪಾಲಿಕೆ ವಶಕ್ಕೆ ಪಡೆಯುವಂತೆ ಮುಖ್ಯ ಆಯುಕ್ತ ಮಹೇಶ್ವರ್ ರಾವ್ ಅಧಿಕಾರಿಗಳಿಗೆ ಸೂಚನೆ ನೀಡಿದರು. ಬೆಂಗಳೂರು ಉತ್ತರ ನಗರ ಪಾಲಿಕೆ ವ್ಯಾಪ್ತಿಯಲ್ಲಿ ವಿವಿಧ ವಿಷಯಗಳ ಕುರಿತು ನಡೆದ ಸಭೆಯಲ್ಲಿ ಮಾತನಾಡಿದ ಅವರು, ಪರಿತ್ಯಾಜ್ಯನಾ ಪತ್ರ ಪಡೆದಿರುವ ಜಾಗಗಳನ್ನು ಗುರುತಿಸಿ ಸರ್ವೆ ಮಾಡಬೇಕು. ಒತ್ತುವರಿ ತೆರವುಗೊಳಿಸಿ ಜಾಗವನ್ನು ವಶಕ್ಕೆ ಪಡೆಯಬೇಕು. ಆ ಜಾಗಗಳಲ್ಲಿ ಉದ್ಯಾನವನ ಅಥವಾ ಆಟದ ಮೈದಾನ ನಿರ್ಮಿಸಬೇಕು. ಕಂದಾಯ ವಸೂಲಿ ಹೆಚ್ಚಿಸಬೇಕು ಎಂದು ನಿರ್ದೇಶನ ನೀಡಿದರು. ಆಸ್ತಿ ತೆರಿಗೆ ಸಂಗ್ರಹದಲ್ಲಿ ಗುರಿ ಸಾಧಿಸಿ: ಉತ್ತರ ನಗರ ಪಾಲಿಕೆ ವ್ಯಾಪ್ತಿಯಲ್ಲಿ 1,242 ಕೋಟಿ ರೂ. ಆಸ್ತಿ ತೆರಿಗೆ ಸಂಗ್ರಹದ ಗುರಿ ಹೊಂದಲಾಗಿದೆ.	ಟೋಯಿಂಗ್ ಕಾರ್ಯವನ್ನು ಪ್ರಾರಂಭಿಸಿ
ಉತ್ತರ ನಗರ ಪಾಲಿಕೆ ವ್ಯಾಪ್ತಿಯಲ್ಲಿ ಪಾದಚಾರಿ ಮಾರ್ಗ ಹಾಗೂ ರಸ್ತೆಯಲ್ಲಿ ನಿಲ್ಲಿಸಲಾದ ವಾಹನಗಳನ್ನು ತೆರವುಗೊಳಿಸಲು ಟೋಯಿಂಗ್ ಕಾರ್ಯ ಆರಂಭಿಸಬೇಕು. ಅನಧಿಕೃತವಾಗಿ ನಿಲ್ಲಿಸಿರುವ ವಾಹನಗಳನ್ನು ಪೊಲೀಸ್ ಇಲಾಖೆಯ ಸಹಯೋಗದಲ್ಲಿ ತೆರವುಗೊಳಿಸಿ ಕ್ರಮ ಕೈಗೊಳ್ಳಬೇಕು ಎಂದು ಮಹೇಶ್ವರ್ ರಾವ್ ಅಧಿಕಾರಿಗಳಿಗೆ ಸೂಚನೆ ನೀಡಿದರು.
ಇದುವರೆಗೂ 640 ಕೋಟಿ ರೂ. ತೆರಿಗೆ ಸಂಗ್ರಹಿಸಲಾಗಿದ್ದು, ಇನ್ನು ಬಾಕಿ ಉಳಿದಿರುವ ತೆರಿಗೆಯನ್ನು ವಸೂಲಿ ಮಾಡಲು ಹೆಚ್ಚಿನ ಶ್ರಮ ವಹಿಸಬೇಕು. ತೆರಿಗೆ ಪಾವತಿಸದ ಕಟ್ಟಡಗಳಿಗೆ ನೋಟಿಸ್ ಜಾರಿ ಮಾಡಿ ಕ್ರಮ ಕೈಗೊಳ್ಳಬೇಕು ಎಂದರು. ಪಾಲಿಕೆ ವ್ಯಾಪ್ತಿಯಲ್ಲಿ ನಿರ್ಮಾಣ ಹಂತದ ಕಾಮಗಾರಿಗಳನ್ನು ಶೀಘ್ರ ಪೂರ್ಣಗೊಳಿಸಬೇಕು ಎಂದು ಸೂಚಿಸಿದರು.
